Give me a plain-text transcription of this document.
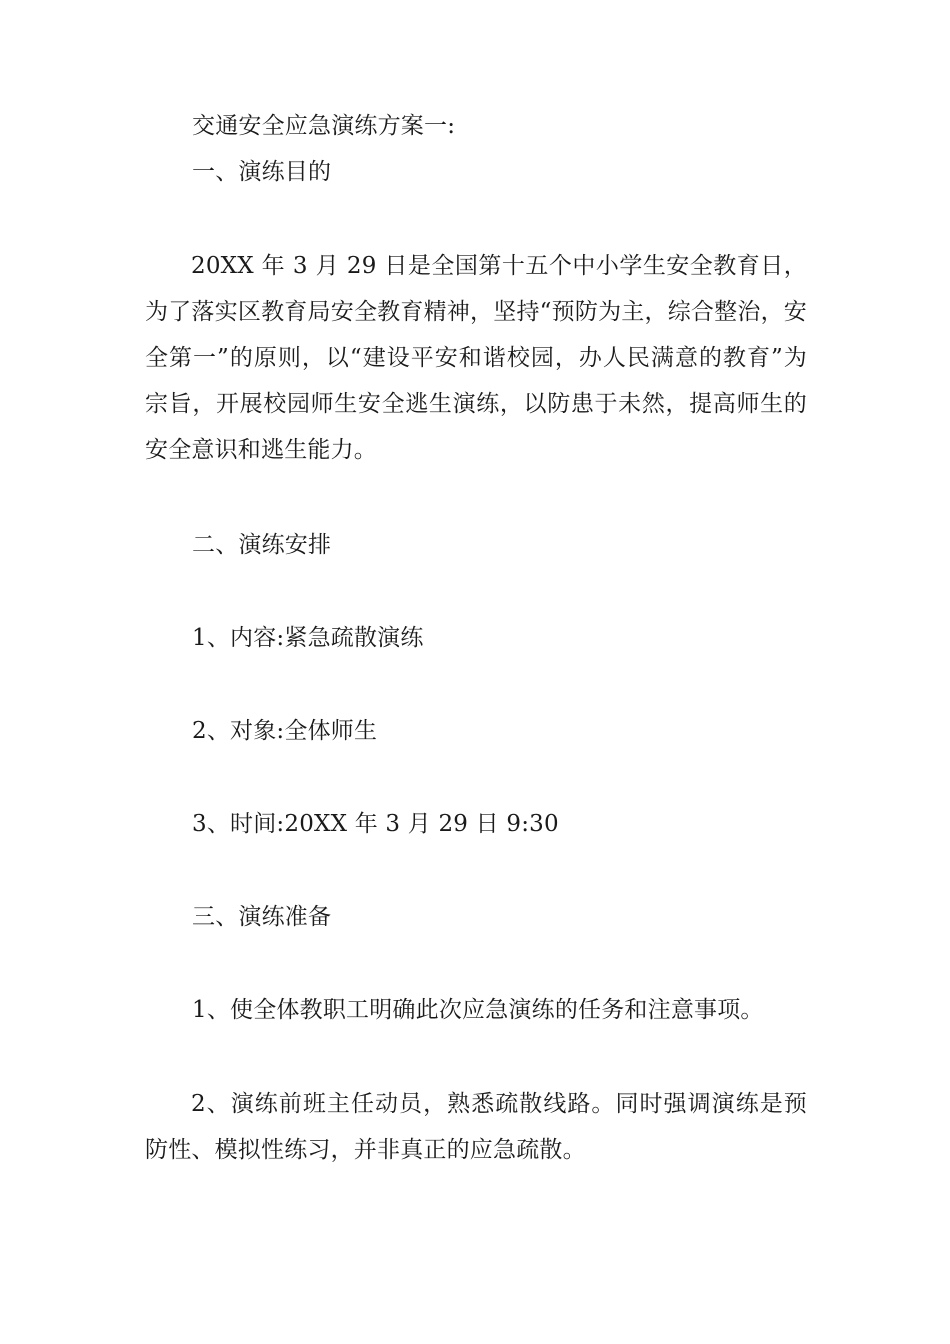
交通安全应急演练方案一:
一、演练目的
20XX 年 3 月 29 日是全国第十五个中小学生安全教育日，为了落实区教育局安全教育精神，坚持“预防为主，综合整治，安全第一”的原则，以“建设平安和谐校园，办人民满意的教育”为宗旨，开展校园师生安全逃生演练，以防患于未然，提高师生的安全意识和逃生能力。
二、演练安排
1、内容:紧急疏散演练
2、对象:全体师生
3、时间:20XX 年 3 月 29 日 9:30
三、演练准备
1、使全体教职工明确此次应急演练的任务和注意事项。
2、演练前班主任动员，熟悉疏散线路。同时强调演练是预防性、模拟性练习，并非真正的应急疏散。
